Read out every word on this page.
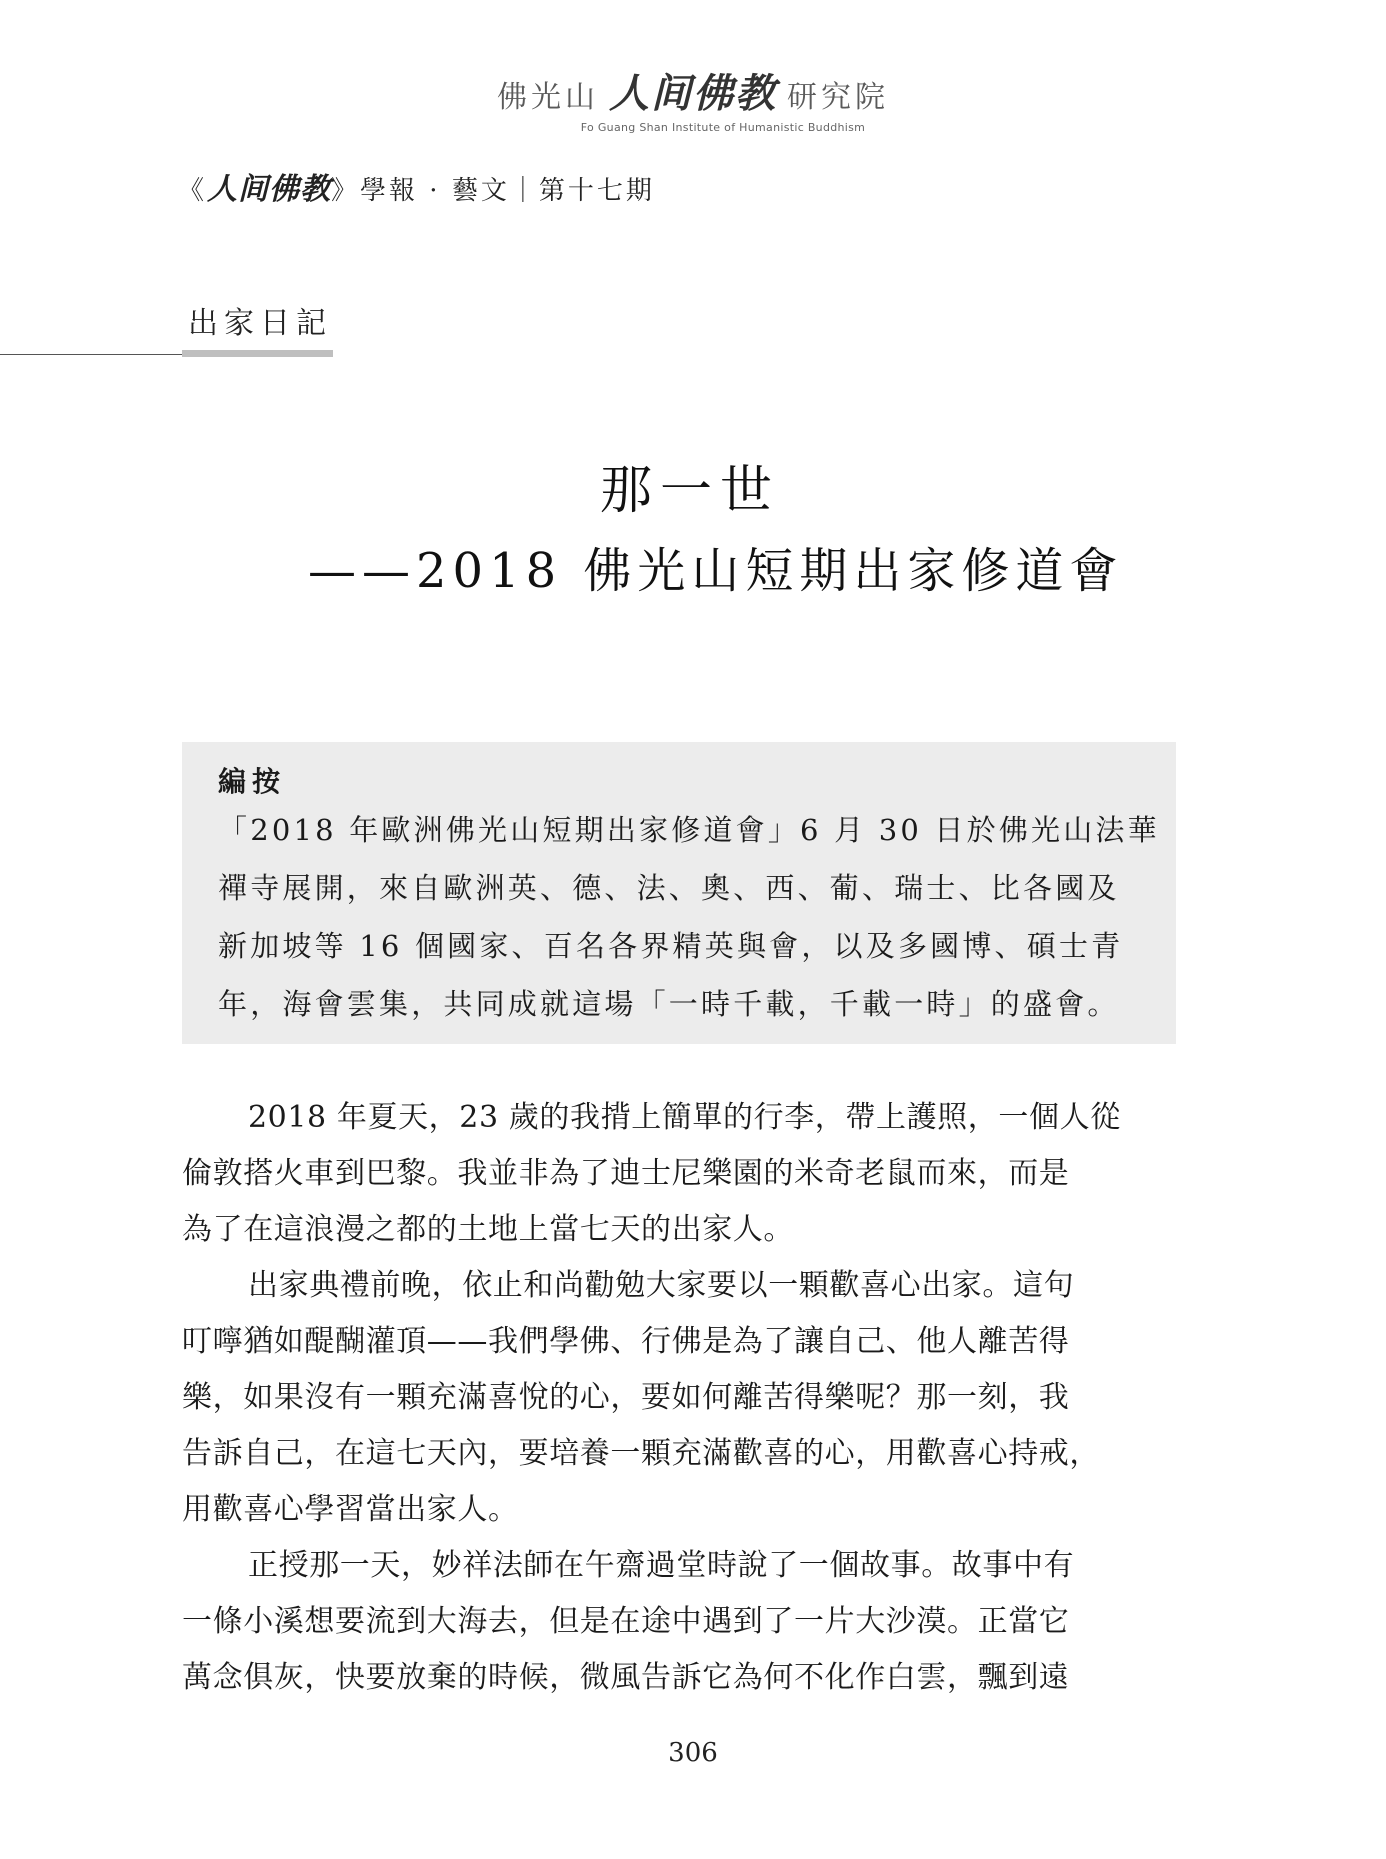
佛光山 人间佛教 研究院
Fo Guang Shan Institute of Humanistic Buddhism
《人间佛教》學報 · 藝文｜第十七期
出家日記
那一世
——2018 佛光山短期出家修道會
編按
「2018 年歐洲佛光山短期出家修道會」6 月 30 日於佛光山法華
禪寺展開，來自歐洲英、德、法、奧、西、葡、瑞士、比各國及
新加坡等 16 個國家、百名各界精英與會，以及多國博、碩士青
年，海會雲集，共同成就這場「一時千載，千載一時」的盛會。
2018 年夏天，23 歲的我揹上簡單的行李，帶上護照，一個人從
倫敦搭火車到巴黎。我並非為了迪士尼樂園的米奇老鼠而來，而是
為了在這浪漫之都的土地上當七天的出家人。
出家典禮前晚，依止和尚勸勉大家要以一顆歡喜心出家。這句
叮嚀猶如醍醐灌頂——我們學佛、行佛是為了讓自己、他人離苦得
樂，如果沒有一顆充滿喜悅的心，要如何離苦得樂呢？那一刻，我
告訴自己，在這七天內，要培養一顆充滿歡喜的心，用歡喜心持戒，
用歡喜心學習當出家人。
正授那一天，妙祥法師在午齋過堂時說了一個故事。故事中有
一條小溪想要流到大海去，但是在途中遇到了一片大沙漠。正當它
萬念俱灰，快要放棄的時候，微風告訴它為何不化作白雲，飄到遠
306
